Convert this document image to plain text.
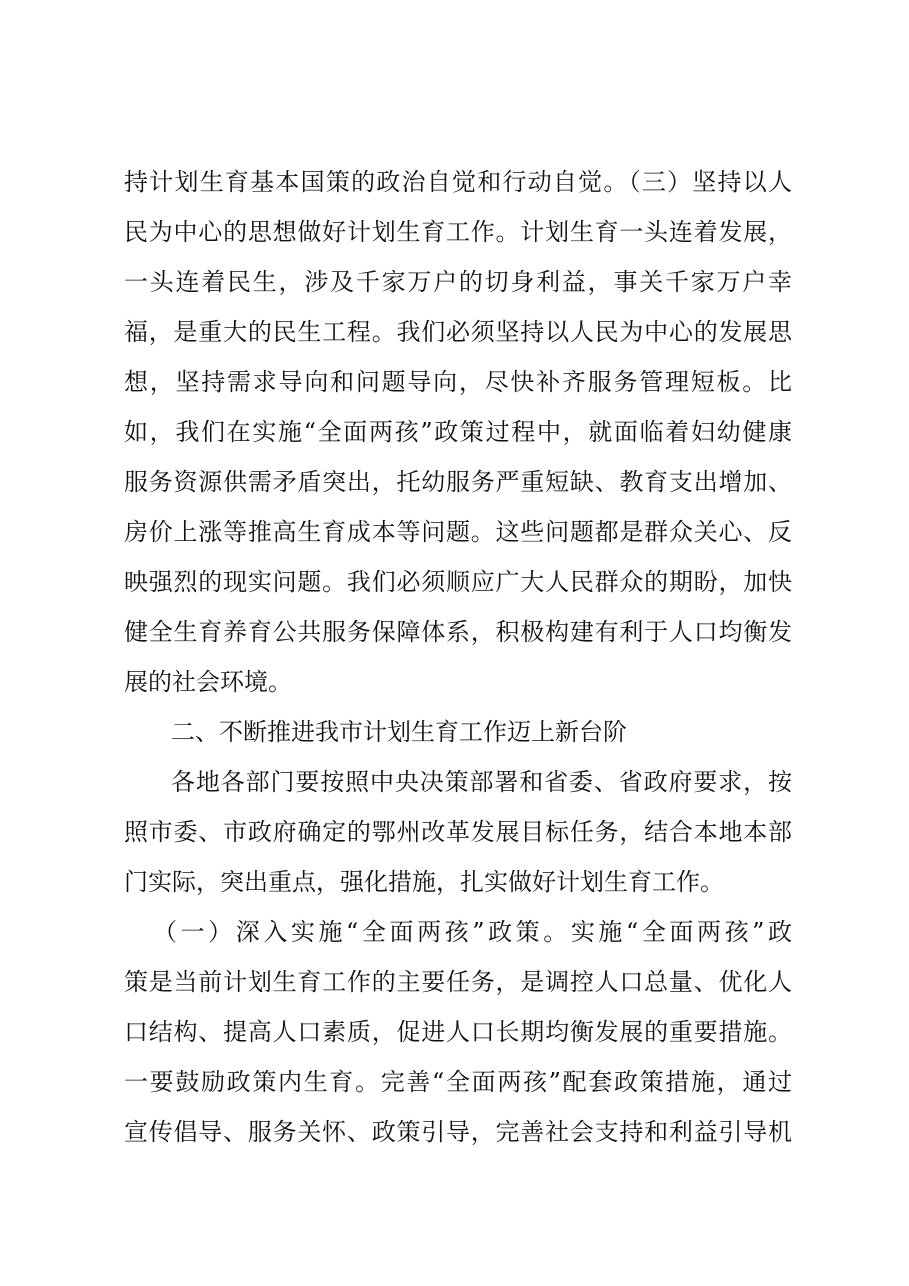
持计划生育基本国策的政治自觉和行动自觉。（三）坚持以人
民为中心的思想做好计划生育工作。计划生育一头连着发展，
一头连着民生，涉及千家万户的切身利益，事关千家万户幸
福，是重大的民生工程。我们必须坚持以人民为中心的发展思
想，坚持需求导向和问题导向，尽快补齐服务管理短板。比
如，我们在实施“全面两孩”政策过程中，就面临着妇幼健康
服务资源供需矛盾突出，托幼服务严重短缺、教育支出增加、
房价上涨等推高生育成本等问题。这些问题都是群众关心、反
映强烈的现实问题。我们必须顺应广大人民群众的期盼，加快
健全生育养育公共服务保障体系，积极构建有利于人口均衡发
展的社会环境。
二、不断推进我市计划生育工作迈上新台阶
各地各部门要按照中央决策部署和省委、省政府要求，按
照市委、市政府确定的鄂州改革发展目标任务，结合本地本部
门实际，突出重点，强化措施，扎实做好计划生育工作。
（一）深入实施“全面两孩”政策。实施“全面两孩”政
策是当前计划生育工作的主要任务，是调控人口总量、优化人
口结构、提高人口素质，促进人口长期均衡发展的重要措施。
一要鼓励政策内生育。完善“全面两孩”配套政策措施，通过
宣传倡导、服务关怀、政策引导，完善社会支持和利益引导机
